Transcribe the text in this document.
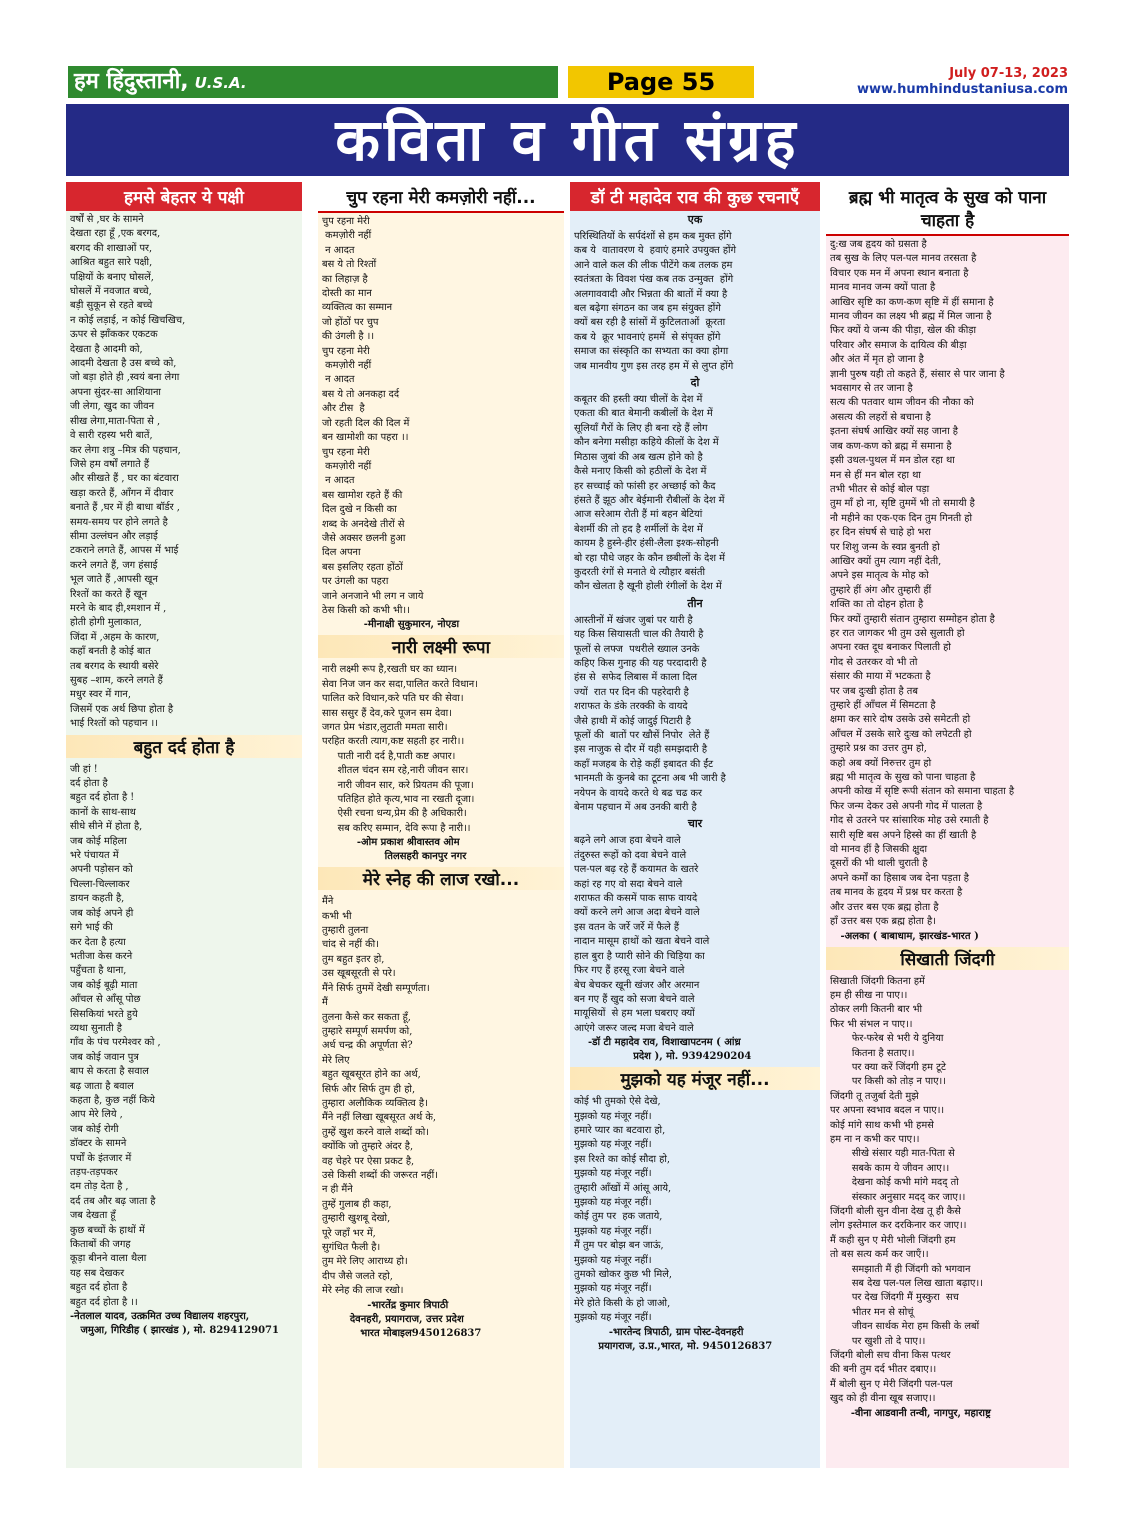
हम हिंदुस्तानी, U.S.A.	Page 55	July 07-13, 2023
www.humhindustaniusa.com
कविता व गीत संग्रह
हमसे बेहतर ये पक्षी
वर्षों से ,घर के सामने
देखता रहा हूँ ,एक बरगद,
बरगद की शाखाओं पर,
आश्रित बहुत सारे पक्षी,
पक्षियों के बनाए घोसलें,
घोसलें में नवजात बच्चे,
बड़ी सुकून से रहते बच्चे
न कोई लड़ाई, न कोई खिचखिच,
ऊपर से झाँककर एकटक
देखता है आदमी को,
आदमी देखता है उस बच्चे को,
जो बड़ा होते ही ,स्वयं बना लेगा
अपना सुंदर-सा आशियाना
जी लेगा, खुद का जीवन
सीख लेगा,माता-पिता से ,
वे सारी रहस्य भरी बातें,
कर लेगा शत्रु –मित्र की पहचान,
जिसे हम वर्षों लगाते हैं
और सीखते हैं , घर का बंटवारा
खड़ा करते हैं, आँगन में दीवार
बनाते हैं ,घर में ही बाधा बॉर्डर ,
समय-समय पर होने लगते है
सीमा उल्लंघन और लड़ाई
टकराने लगते हैं, आपस में भाई
करने लगते हैं, जग हंसाई
भूल जाते हैं ,आपसी खून
रिश्तों का करते हैं खून
मरने के बाद ही,श्मशान में ,
होती होगी मुलाकात,
जिंदा में ,अहम के कारण,
कहाँ बनती है कोई बात
तब बरगद के स्थायी बसेरे
सुबह –शाम, करने लगते हैं
मधुर स्वर में गान,
जिसमें एक अर्थ छिपा होता है
भाई रिश्तों को पहचान ।।
बहुत दर्द होता है
जी हां !
दर्द होता है
बहुत दर्द होता है !
कानों के साथ-साथ
सीधे सीने में होता है,
जब कोई महिला
भरे पंचायत में
अपनी पड़ोसन को
चिल्ला-चिल्लाकर
डायन कहती है,
जब कोई अपने ही
सगे भाई की
कर देता है हत्या
भतीजा केस करने
पहुँचता है थाना,
जब कोई बूढ़ी माता
आँचल से आँसू पोछ
सिसकियां भरते हुये
व्यथा सुनाती है
गाँव के पंच परमेश्वर को ,
जब कोई जवान पुत्र
बाप से करता है सवाल
बढ़ जाता है बवाल
कहता है, कुछ नहीं किये
आप मेरे लिये ,
जब कोई रोगी
डॉक्टर के सामने
पर्चों के इंतजार में
तड़प-तड़पकर
दम तोड़ देता है ,
दर्द तब और बढ़ जाता है
जब देखता हूँ
कुछ बच्चों के हाथों में
किताबों की जगह
कूड़ा बीनने वाला थैला
यह सब देखकर
बहुत दर्द होता है
बहुत दर्द होता है ।।
-नेतलाल यादव, उत्क्रमित उच्च विद्यालय शहरपुरा,
जमुआ, गिरिडीह ( झारखंड ), मो. 8294129071
चुप रहना मेरी कमज़ोरी नहीं...
चुप रहना मेरी
कमज़ोरी नहीं
न आदत
बस ये तो रिश्तों
का लिहाज़ है
दोस्ती का मान
व्यक्तित्व का सम्मान
जो होंठों पर चुप
की उंगली है ।।
चुप रहना मेरी
कमज़ोरी नहीं
न आदत
बस ये तो अनकहा दर्द
और टीस  है
जो रहती दिल की दिल में
बन खामोशी का पहरा ।।
चुप रहना मेरी
कमज़ोरी नहीं
न आदत
बस खामोश रहते हैं की
दिल दुखे न किसी का
शब्द के अनदेखे तीरों से
जैसे अक्सर छलनी हुआ
दिल अपना
बस इसलिए रहता होंठों
पर उंगली का पहरा
जाने अनजाने भी लग न जाये
ठेस किसी को कभी भी।।
-मीनाक्षी सुकुमारन, नोएडा
नारी लक्ष्मी रूपा
नारी लक्ष्मी रूप है,रखती घर का ध्यान।
सेवा निज जन कर सदा,पालित करते विधान।
पालित करे विधान,करे पति घर की सेवा।
सास ससुर हैं देव,करे पूजन सम देवा।
जगत प्रेम भंडार,लुटाती ममता सारी।
परहित करती त्याग,कष्ट सहती हर नारी।।
पाती नारी दर्द है,पाती कष्ट अपार।
शीतल चंदन सम रहे,नारी जीवन सार।
नारी जीवन सार, करे प्रियतम की पूजा।
पतिहित होते कृत्य,भाव ना रखती दूजा।
ऐसी रचना धन्य,प्रेम की है अधिकारी।
सब करिए सम्मान, देवि रूपा है नारी।।
-ओम प्रकाश श्रीवास्तव ओम
तिलसहरी कानपुर नगर
मेरे स्नेह की लाज रखो...
मैंने
कभी भी
तुम्हारी तुलना
चांद से नहीं की।
तुम बहुत इतर हो,
उस खूबसूरती से परे।
मैंने सिर्फ तुममें देखी सम्पूर्णता।
मैं
तुलना कैसे कर सकता हूँ,
तुम्हारे सम्पूर्ण समर्पण को,
अर्ध चन्द्र की अपूर्णता से?
मेरे लिए
बहुत खूबसूरत होने का अर्थ,
सिर्फ और सिर्फ तुम ही हो,
तुम्हारा अलौकिक व्यक्तित्व है।
मैंने नहीं लिखा खूबसूरत अर्थ के,
तुम्हें खुश करने वाले शब्दों को।
क्योंकि जो तुम्हारे अंदर है,
वह चेहरे पर ऐसा प्रकट है,
उसे किसी शब्दों की जरूरत नहीं।
न ही मैंने
तुम्हें गुलाब ही कहा,
तुम्हारी खुशबू देखो,
पूरे जहाँ भर में,
सुगंधित फैली है।
तुम मेरे लिए आराध्य हो।
दीप जैसे जलते रहो,
मेरे स्नेह की लाज रखो।
-भारतेंद्र कुमार त्रिपाठी
देवनहरी, प्रयागराज, उत्तर प्रदेश
भारत मोबाइल9450126837
डॉ टी महादेव राव की कुछ रचनाएँ
एक
परिस्थितियों के सर्पदंशों से हम कब मुक्त होंगे
कब ये  वातावरण ये  हवाएं हमारे उपयुक्त होंगे
आने वाले कल की लीक पीटेंगे कब तलक हम
स्वतंत्रता के विवश पंख कब तक उन्मुक्त  होंगे
अलगाववादी और भिन्नता की बातों में क्या है
बल बढ़ेगा संगठन का जब हम संयुक्त होंगे
क्यों बस रही है सांसों में कुटिलताओं  क्रूरता
कब ये  क्रूर भावनाएं हममें  से संपृक्त होंगे
समाज का संस्कृति का सभ्यता का क्या होगा
जब मानवीय गुण इस तरह हम में से लुप्त होंगे
दो
कबूतर की हस्ती क्या चीलों के देश में
एकता की बात बेमानी कबीलों के देश में
सूलियाँ गैरों के लिए ही बना रहे हैं लोग
कौन बनेगा मसीहा कहिये कीलों के देश में
मिठास जुबां की अब खत्म होने को है
कैसे मनाए किसी को हठीलों के देश में
हर सच्चाई को फांसी हर अच्छाई को कैद
हंसते हैं झूठ और बेईमानी रौबीलों के देश में
आज सरेआम रोती हैं मां बहन बेटियां
बेशर्मी की तो हद है शर्मीलों के देश में
कायम है हुस्ने-हीर हंसी-लैला इश्क-सोहनी
बो रहा पौधे जहर के कौन छबीलों के देश में
कुदरती रंगों से मनाते थे त्यौहार बसंती
कौन खेलता है खूनी होली रंगीलों के देश में
तीन
आस्तीनों में खंजर जुबां पर यारी है
यह किस सियासती चाल की तैयारी है
फूलों से लफ्ज  पथरीले ख्याल उनके
कहिए किस गुनाह की यह परदादारी है
हंस से  सफेद लिबास में काला दिल
ज्यों  रात पर दिन की पहरेदारी है
शराफत के डंके तरक्की के वायदे
जैसे हाथी में कोई जादुई पिटारी है
फूलों की  बातों पर खौसें निपोर  लेते हैं
इस नाजुक से दौर में यही समझदारी है
कहाँ मजहब के रोड़े कहीं इबादत की ईंट
भानमती के कुनबे का टूटना अब भी जारी है
नयेपन के वायदे करते थे बढ चढ कर
बेनाम पहचान में अब उनकी बारी है
चार
बढ़ने लगे आज हवा बेचने वाले
तंदुरुस्त रूहों को दवा बेचने वाले
पल-पल बढ़ रहे हैं कयामत के खतरे
कहां रह गए वो सदा बेचने वाले
शराफत की कसमें पाक साफ वायदे
क्यों करने लगे आज अदा बेचने वाले
इस वतन के जर्रे जर्रे में फैले हैं
नादान मासूम हाथों को खता बेचने वाले
हाल बुरा है प्यारी सोने की चिड़िया का
फिर गए हैं हरसू रजा बेचने वाले
बेच बेचकर खूनी खंजर और अरमान
बन गए हैं खुद को सजा बेचने वाले
मायूसियों  से हम भला घबराए क्यों
आएंगे जरूर जल्द मजा बेचने वाले
-डॉ टी महादेव राव, विशाखापटनम ( आंध्र
प्रदेश ), मो. 9394290204
मुझको यह मंजूर नहीं...
कोई भी तुमको ऐसे देखे,
मुझको यह मंजूर नहीं।
हमारे प्यार का बटवारा हो,
मुझको यह मंजूर नहीं।
इस रिश्ते का कोई सौदा हो,
मुझको यह मंजूर नहीं।
तुम्हारी आँखों में आंसू आये,
मुझको यह मंजूर नहीं।
कोई तुम पर  हक जताये,
मुझको यह मंजूर नहीं।
मैं तुम पर बोझ बन जाऊं,
मुझको यह मंजूर नहीं।
तुमको खोकर कुछ भी मिले,
मुझको यह मंजूर नहीं।
मेरे होते किसी के हो जाओ,
मुझको यह मंजूर नहीं।
-भारतेन्द त्रिपाठी, ग्राम पोस्ट-देवनहरी
प्रयागराज, उ.प्र.,भारत, मो. 9450126837
ब्रह्म भी मातृत्व के सुख को पाना चाहता है
दु:ख जब हृदय को ग्रसता है
तब सुख के लिए पल-पल मानव तरसता है
विचार एक मन में अपना स्थान बनाता है
मानव मानव जन्म क्यों पाता है
आखिर सृष्टि का कण-कण सृष्टि में हीं समाना है
मानव जीवन का लक्ष्य भी ब्रह्म में मिल जाना है
फिर क्यों ये जन्म की पीड़ा, खेल की कीड़ा
परिवार और समाज के दायित्व की बीड़ा
और अंत में मृत हो जाना है
ज्ञानी पुरुष यही तो कहते हैं, संसार से पार जाना है
भवसागर से तर जाना है
सत्य की पतवार थाम जीवन की नौका को
असत्य की लहरों से बचाना है
इतना संघर्ष आखिर क्यों सह जाना है
जब कण-कण को ब्रह्म में समाना है
इसी उथल-पुथल में मन डोल रहा था
मन से हीं मन बोल रहा था
तभी भीतर से कोई बोल पड़ा
तुम माँ हो ना, सृष्टि तुममें भी तो समायी है
नौ महीने का एक-एक दिन तुम गिनती हो
हर दिन संघर्ष से चाहे हो भरा
पर शिशु जन्म के स्वप्न बुनती हो
आखिर क्यों तुम त्याग नहीं देती,
अपने इस मातृत्व के मोह को
तुम्हारे हीं अंग और तुम्हारी हीं
शक्ति का तो दोहन होता है
फिर क्यों तुम्हारी संतान तुम्हारा सम्मोहन होता है
हर रात जागकर भी तुम उसे सुलाती हो
अपना रक्त दूध बनाकर पिलाती हो
गोद से उतरकर वो भी तो
संसार की माया में भटकता है
पर जब दुःखी होता है तब
तुम्हारे हीं आँचल में सिमटता है
क्षमा कर सारे दोष उसके उसे समेटती हो
आँचल में उसके सारे दुःख को लपेटती हो
तुम्हारे प्रश्न का उत्तर तुम हो,
कहो अब क्यों निरुत्तर तुम हो
ब्रह्म भी मातृत्व के सुख को पाना चाहता है
अपनी कोख में सृष्टि रूपी संतान को समाना चाहता है
फिर जन्म देकर उसे अपनी गोद में पालता है
गोद से उतरने पर सांसारिक मोह उसे रमाती है
सारी सृष्टि बस अपने हिस्से का हीं खाती है
वो मानव हीं है जिसकी क्षुदा
दूसरों की भी थाली चुराती है
अपने कर्मों का हिसाब जब देना पड़ता है
तब मानव के हृदय में प्रश्न घर करता है
और उत्तर बस एक ब्रह्म होता है
हाँ उत्तर बस एक ब्रह्म होता है।
-अलका ( बाबाधाम, झारखंड-भारत )
सिखाती जिंदगी
सिखाती जिंदगी कितना हमें
हम ही सीख ना पाए।।
ठोकर लगी कितनी बार भी
फिर भी संभल न पाए।।
फेर-फरेब से भरी ये दुनिया
कितना है सताए।।
पर क्या करें जिंदगी हम टूटे
पर किसी को तोड़ न पाए।।
जिंदगी तू तजुर्बा देती मुझे
पर अपना स्वभाव बदल न पाए।।
कोई मांगे साथ कभी भी हमसे
हम ना न कभी कर पाए।।
सीखे संसार यही मात-पिता से
सबके काम ये जीवन आए।।
देखना कोई कभी मांगे मदद् तो
संस्कार अनुसार मदद् कर जाए।।
जिंदगी बोली सुन वीना देख तू ही कैसे
लोग इस्तेमाल कर दरकिनार कर जाए।।
मैं कही सुन ए मेरी भोली जिंदगी हम
तो बस सत्य कर्म कर जाएँ।।
समझाती मैं ही जिंदगी को भगवान
सब देख पल-पल लिख खाता बढ़ाए।।
पर देख जिंदगी मैं मुस्कुरा  सच
भीतर मन से सोचूं
जीवन सार्थक मेरा हम किसी के लबों
पर खुशी तो दे पाए।।
जिंदगी बोली सच वीना किस पत्थर
की बनी तुम दर्द भीतर दबाए।।
मैं बोली सुन ए मेरी जिंदगी पल-पल
खुद को ही वीना खूब सजाए।।
-वीना आडवानी तन्वी, नागपुर, महाराष्ट्र
